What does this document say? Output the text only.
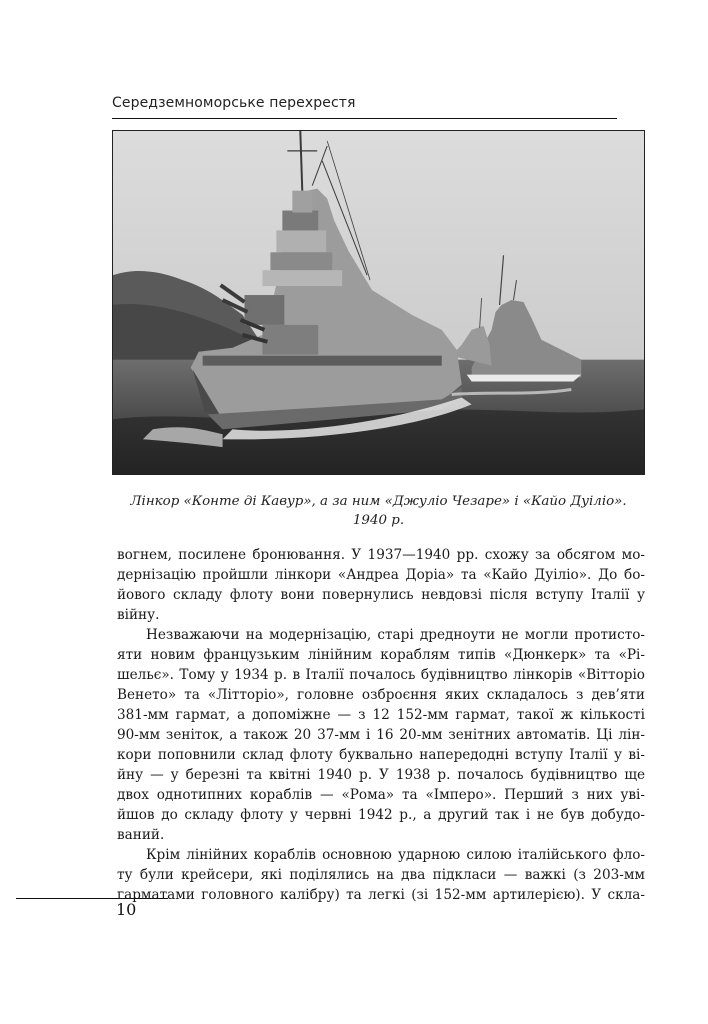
Середземноморське перехрестя
Лінкор «Конте ді Кавур», а за ним «Джуліо Чезаре» і «Кайо Дуіліо».
1940 р.

вогнем, посилене бронювання. У 1937—1940 рр. схожу за обсягом мо-
дернізацію пройшли лінкори «Андреа Доріа» та «Кайо Дуіліо». До бо-
йового складу флоту вони повернулись невдовзі після вступу Італії у
війну.

Незважаючи на модернізацію, старі дредноути не могли протисто-
яти новим французьким лінійним кораблям типів «Дюнкерк» та «Рі-
шельє». Тому у 1934 р. в Італії почалось будівництво лінкорів «Вітторіо
Венето» та «Літторіо», головне озброєння яких складалось з дев’яти
381-мм гармат, а допоміжне — з 12 152-мм гармат, такої ж кількості
90-мм зеніток, а також 20 37-мм і 16 20-мм зенітних автоматів. Ці лін-
кори поповнили склад флоту буквально напередодні вступу Італії у ві-
йну — у березні та квітні 1940 р. У 1938 р. почалось будівництво ще
двох однотипних кораблів — «Рома» та «Імперо». Перший з них уві-
йшов до складу флоту у червні 1942 р., а другий так і не був добудо-
ваний.

Крім лінійних кораблів основною ударною силою італійського фло-
ту були крейсери, які поділялись на два підкласи — важкі (з 203-мм
гарматами головного калібру) та легкі (зі 152-мм артилерією). У скла-

10
